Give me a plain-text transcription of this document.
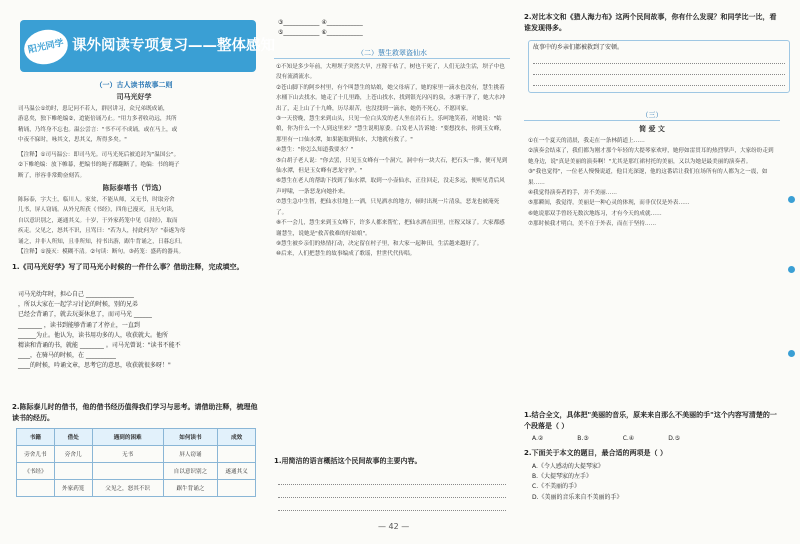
阳光同学 课外阅读专项复习——整体感知
（一）古人读书故事二则
司马光好学
司马温公①幼时，患记问不若人，群居讲习，众兄弟既成诵，
游息矣，独下帷绝编②，迨能倍诵乃止。"用力多者收功远，其所
精诵，乃终身不忘也。温公尝言："书不可不成诵，或在马上，或
中夜不寐时，咏其文，思其义，所得多矣。"
【注释】①司马温公：即司马光。司马光死后被追封为"温国公"。
②下帷绝编：放下帷幕，把编书的绳子都翻断了。绝编：书的绳子
断了，形容非常勤奋刻苦。
陈际泰嗜书（节选）
陈际泰，字大士，临川人。家贫，不能从师，又无书，时取旁舍
儿书，屏人窃诵。从外兄所获《书经》，四角已漫灭，且无句读，
自以意识别之，遂通其义。十岁，于外家药笼中见《诗经》，取而
疾走。父见之，怒其不识，且骂曰："若为人，持此何为？"泰遂为母
诵之，并非人所知，且非所知，持书出游，踞牛背诵之，日暮忘归。
【注释】①漫灭：模糊不清。②句读：断句。③药笼：盛药的器具。
1.《司马光好学》写了司马光小时候的一件什么事？借助注释，完成填空。
司马光幼年时，担心自己 ________________
，所以大家在一起学习讨论的时候，别的兄弟
已经会背诵了，就去玩耍休息了，而司马光 ______
________ ，读书到能够背诵了才停止，一直到
______为止。他认为，读书用功多的人，收获就大。他所
精读和背诵的书，就能 ________ 。司马光曾说："读书不能不
____，在骑马的时候，在 __________
____的时候，吟诵文章，思考它的意思，收获就很多呀！"
2.陈际泰儿时的借书，他的借书经历值得我们学习与思考。请借助注释，梳理他读书的经历。
书籍	借处	遇到的困难	如何读书	成效
旁舍儿书	旁舍儿	无书	屏人窃诵	
《书经》			自以意识别之	遂通其义
	外家药笼	父见之，怒其不识	踞牛背诵之	
③____________ ④____________
⑤____________ ⑥____________
（二）慧生救翠盗仙水
①不知是多少年前，大理坝子突然大旱，庄稼干枯了，树也干死了，人们无法生活，坝子中也没有流淌流水。
②苍山脚下的阿乡村里，有个叫慧生的姑娘，她父母病了，她的家里一滴水也没有，慧生挑着水桶下山去找水。她走了十几里路，上苍山找水，找到银光闪闪的泉，水塘干净了，她大水冲出了，走上山了十九峰，历尽艰苦，也没找到一滴水，她仍不死心，不愿回家。
③一天傍晚，慧生来到山头，只见一位白头发的老人坐在岩石上，乐呵地笑着，对她说："姑娘，你为什么一个人到这里来？"慧生说明原委。白发老人告诉她："要想找水，你到玉女峰，那里有一口仙水潭，如果能取到仙水，大地就有救了。"
④慧生："你怎么知道我要水？"
⑤白胡子老人说："你去罢，只见玉女峰有一个洞穴，洞中有一块大石，把石头一推，便可见到仙水潭，但是玉女峰有恶龙守护。"
⑥慧生在老人的帮助下找到了仙水潭，取到一小壶仙水，正往回走，没走多远，便听见背后风声呼啸，一条恶龙向她扑来。
⑦慧生急中生智，把仙水往地上一洒，只见洒水的地方，顿时出现一片清泉，恶龙也被淹死了。
⑧不一会儿，慧生来到玉女峰下，许多人都来帮忙，把仙水洒在田里，庄稼又绿了。大家都感谢慧生，说她是"救苦救难的好姑娘"。
⑨慧生被乡亲们的热情打动，决定留在村子里，和大家一起种田，生活越来越好了。
⑩后来，人们把慧生的故事编成了歌谣，世世代代传唱。
1.用简洁的语言概括这个民间故事的主要内容。
2.对比本文和《猎人海力布》这两个民间故事，你有什么发现？和同学比一比，看谁发现得多。
故事中的乡亲们都被救到了安顿。
（三）
简 爱 文
①在一个夏天的清晨，我走在一条林荫道上……
②演奏会结束了，我们都为刚才那个年轻的大提琴家欢呼，她停如雷贯耳的热烈掌声，大家纷纷走到她身边，说"真是美丽的演奏啊！"尤其是那红裙衬托的美丽，又以为她是最美丽的演奏者。
③"我也觉得"，一位老人慢慢说道，他目光深邃，他的这番话让我们在场所有的人都为之一震，如果……
④我觉得演奏者的手，并不美丽……
⑤那瞬间，我觉得，美丽是一种心灵的体现，而非仅仅是外表……
⑥她说那双手曾经无数次地练习，才有今天的成就……
⑦那时候我才明白，美不在于外表，而在于坚持……
1.结合全文，具体把"美丽的音乐，原来来自那么不美丽的手"这个内容写清楚的一个段落是（ ）
A.②	B.③	C.④	D.⑤
2.下面关于本文的题目，最合适的两项是（ ）
A.《令人感动的大提琴家》
B.《大提琴家的左手》
C.《不美丽的手》
D.《美丽的音乐来自不美丽的手》
— 42 —
